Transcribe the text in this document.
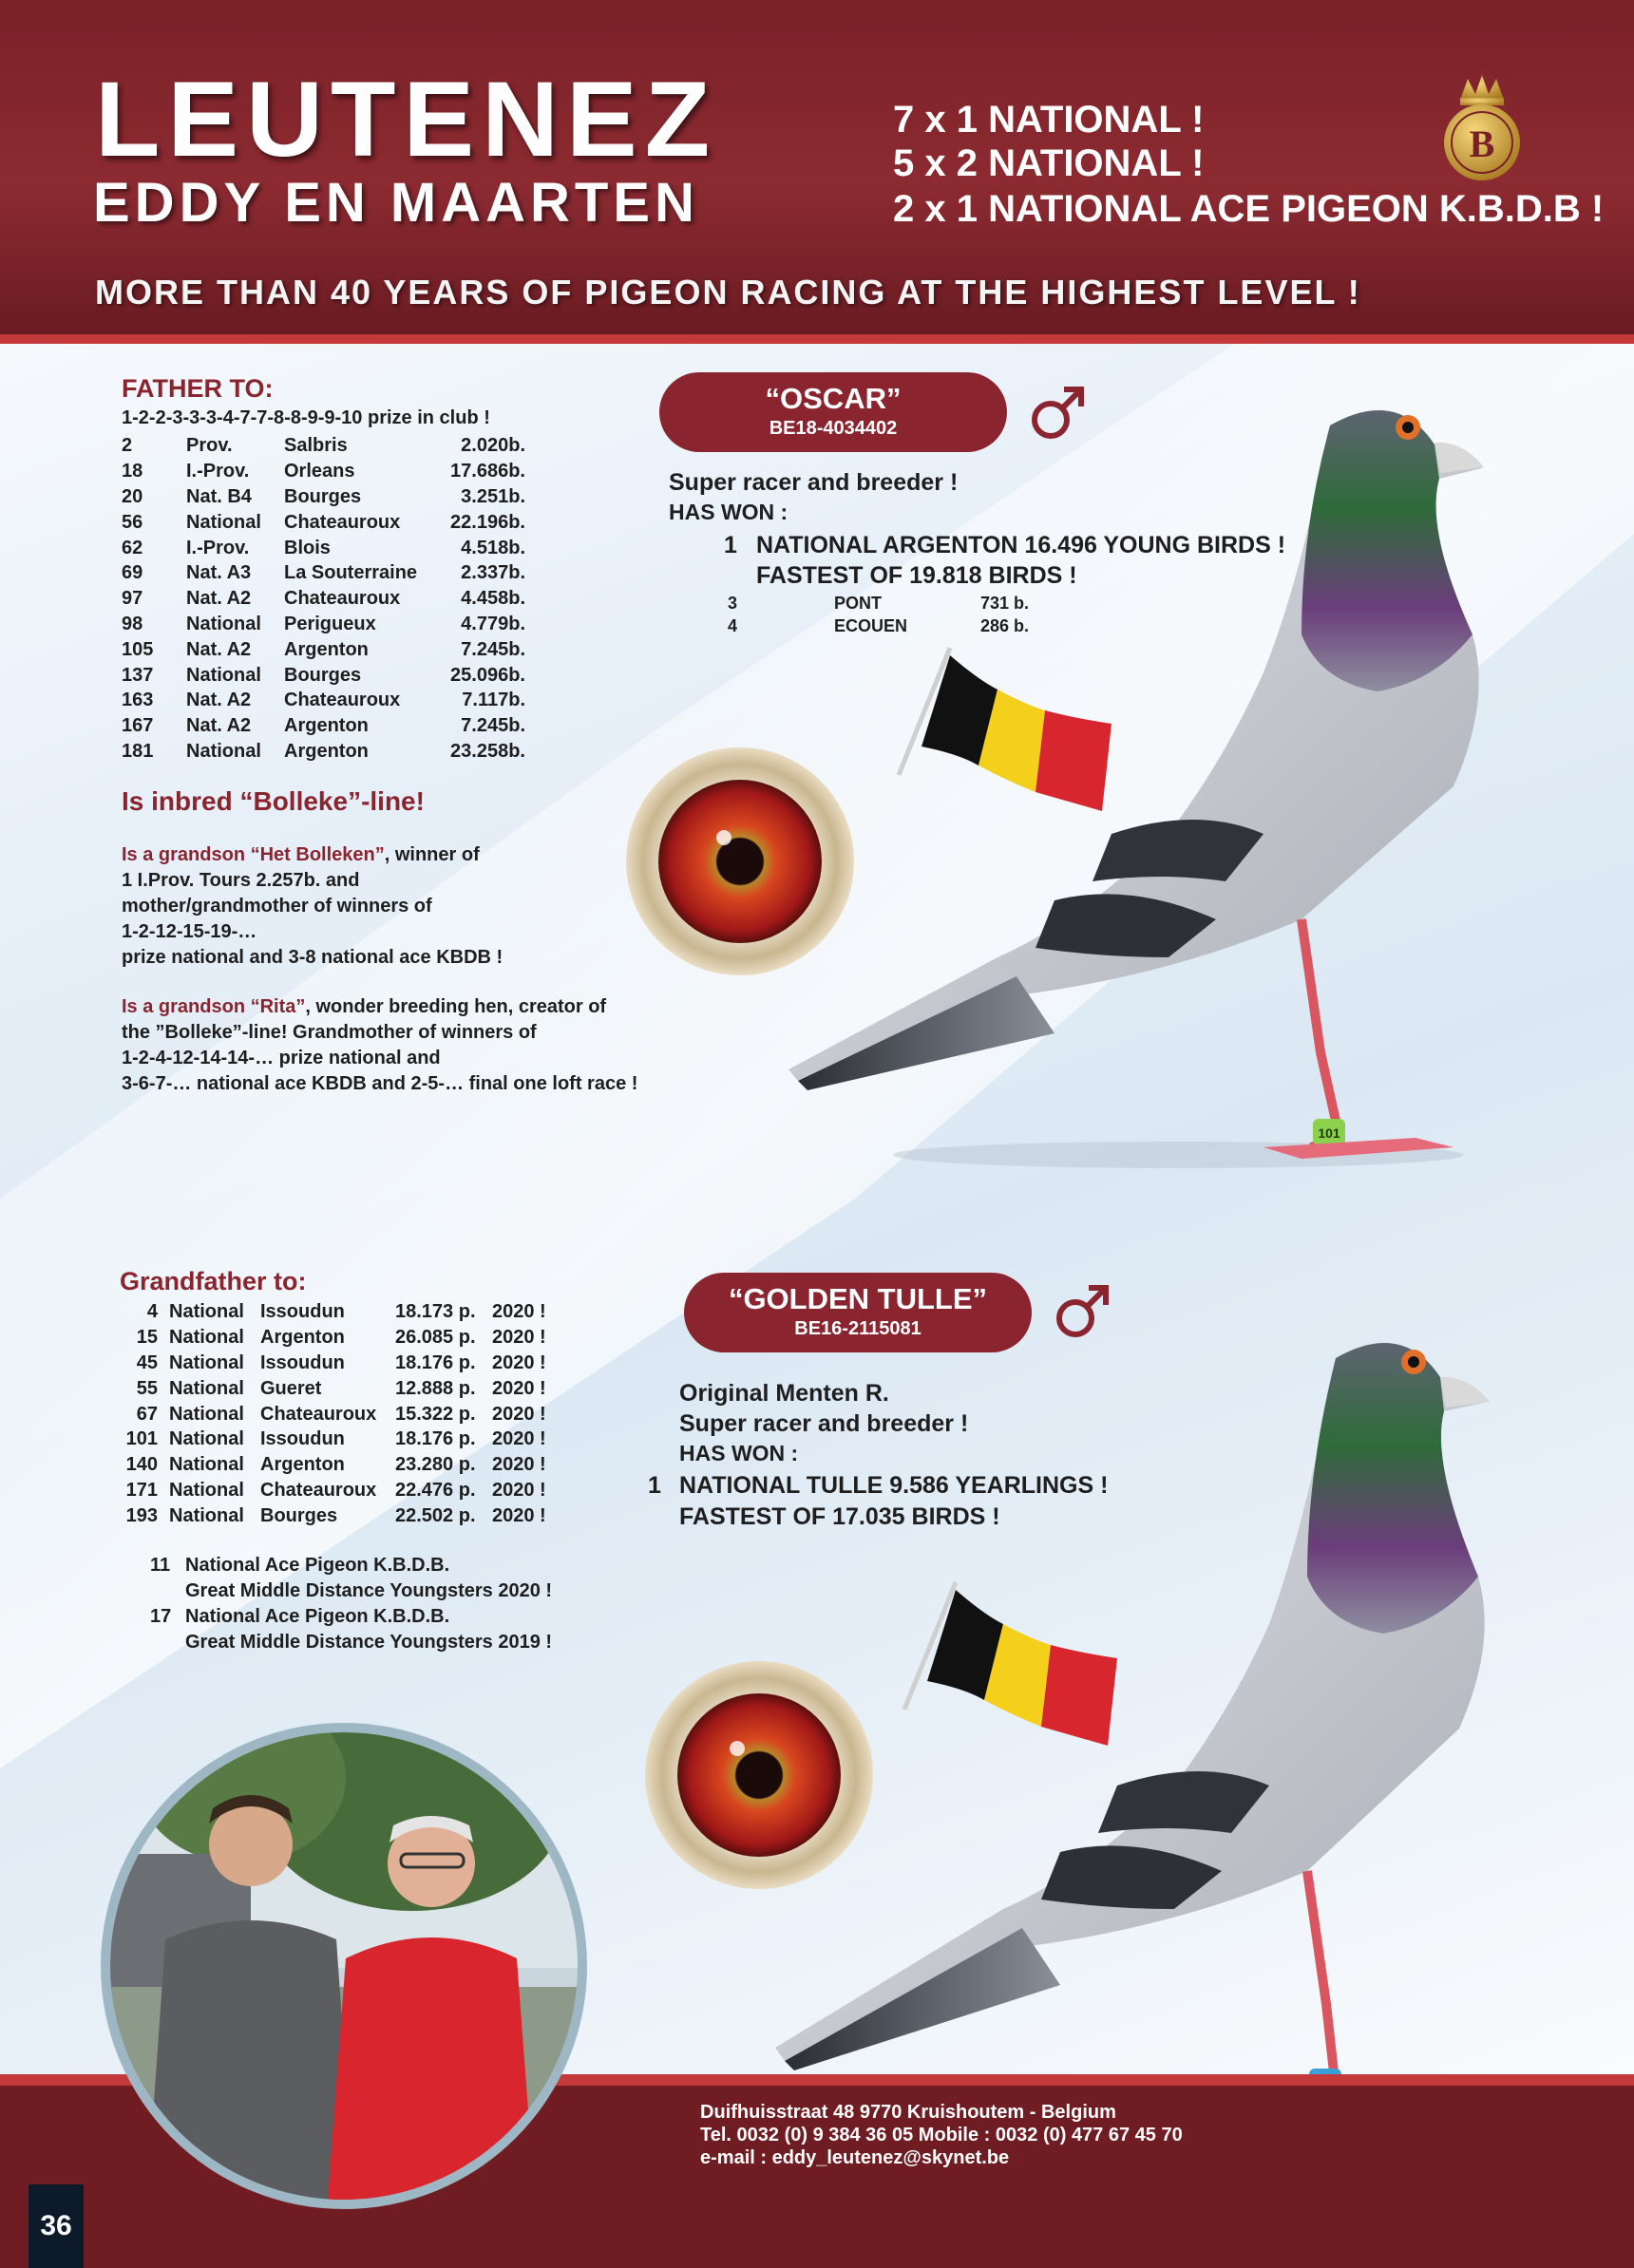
LEUTENEZ
EDDY EN MAARTEN
7 x 1 NATIONAL !
5 x 2 NATIONAL !
2 x 1 NATIONAL ACE PIGEON K.B.D.B !
MORE THAN 40 YEARS OF PIGEON RACING AT THE HIGHEST LEVEL !
B
FATHER TO:
1-2-2-3-3-3-4-7-7-8-8-9-9-10 prize in club !
2	Prov.	Salbris	2.020b.
18	I.-Prov.	Orleans	17.686b.
20	Nat. B4	Bourges	3.251b.
56	National	Chateauroux	22.196b.
62	I.-Prov.	Blois	4.518b.
69	Nat. A3	La Souterraine	2.337b.
97	Nat. A2	Chateauroux	4.458b.
98	National	Perigueux	4.779b.
105	Nat. A2	Argenton	7.245b.
137	National	Bourges	25.096b.
163	Nat. A2	Chateauroux	7.117b.
167	Nat. A2	Argenton	7.245b.
181	National	Argenton	23.258b.
Is inbred “Bolleke”-line!
Is a grandson “Het Bolleken”, winner of
1 I.Prov. Tours 2.257b. and
mother/grandmother of winners of
1-2-12-15-19-…
prize national and 3-8 national ace KBDB !
Is a grandson “Rita”, wonder breeding hen, creator of
the ”Bolleke”-line! Grandmother of winners of
1-2-4-12-14-14-… prize national and
3-6-7-… national ace KBDB and 2-5-… final one loft race !
“OSCAR”
BE18-4034402
Super racer and breeder !
HAS WON :
1 NATIONAL ARGENTON 16.496 YOUNG BIRDS !
FASTEST OF 19.818 BIRDS !
3	PONT	731 b.
4	ECOUEN	286 b.
101
Grandfather to:
4	National	Issoudun	18.173 p.	2020 !
15	National	Argenton	26.085 p.	2020 !
45	National	Issoudun	18.176 p.	2020 !
55	National	Gueret	12.888 p.	2020 !
67	National	Chateauroux	15.322 p.	2020 !
101	National	Issoudun	18.176 p.	2020 !
140	National	Argenton	23.280 p.	2020 !
171	National	Chateauroux	22.476 p.	2020 !
193	National	Bourges	22.502 p.	2020 !
11 National Ace Pigeon K.B.D.B.
Great Middle Distance Youngsters 2020 !
17 National Ace Pigeon K.B.D.B.
Great Middle Distance Youngsters 2019 !
“GOLDEN TULLE”
BE16-2115081
Original Menten R.
Super racer and breeder !
HAS WON :
1 NATIONAL TULLE 9.586 YEARLINGS !
FASTEST OF 17.035 BIRDS !
Duifhuisstraat 48 9770 Kruishoutem - Belgium
Tel. 0032 (0) 9 384 36 05 Mobile : 0032 (0) 477 67 45 70
e-mail : eddy_leutenez@skynet.be
36
